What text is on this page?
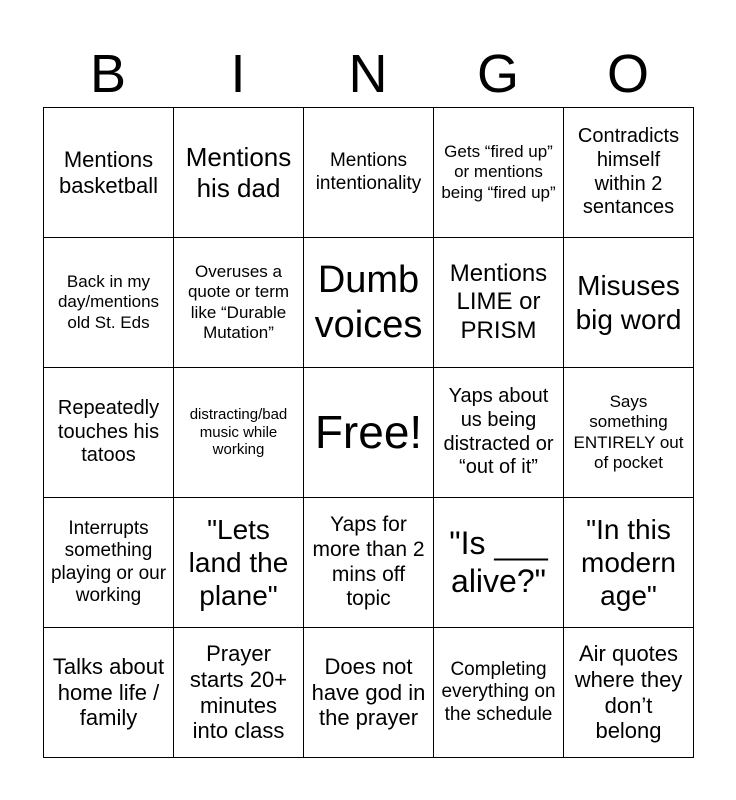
B	I	N	G	O
Mentions basketball	Mentions his dad	Mentions intentionality	Gets “fired up” or mentions being “fired up”	Contradicts himself within 2 sentances

Back in my day/mentions old St. Eds	Overuses a quote or term like “Durable Mutation”	Dumb voices	Mentions LIME or PRISM	Misuses big word

Repeatedly touches his tatoos	distracting/bad music while working	Free!	Yaps about us being distracted or “out of it”	Says something ENTIRELY out of pocket

Interrupts something playing or our working	"Lets land the plane"	Yaps for more than 2 mins off topic	"Is ___ alive?"	"In this modern age"

Talks about home life / family	Prayer starts 20+ minutes into class	Does not have god in the prayer	Completing everything on the schedule	Air quotes where they don’t belong
